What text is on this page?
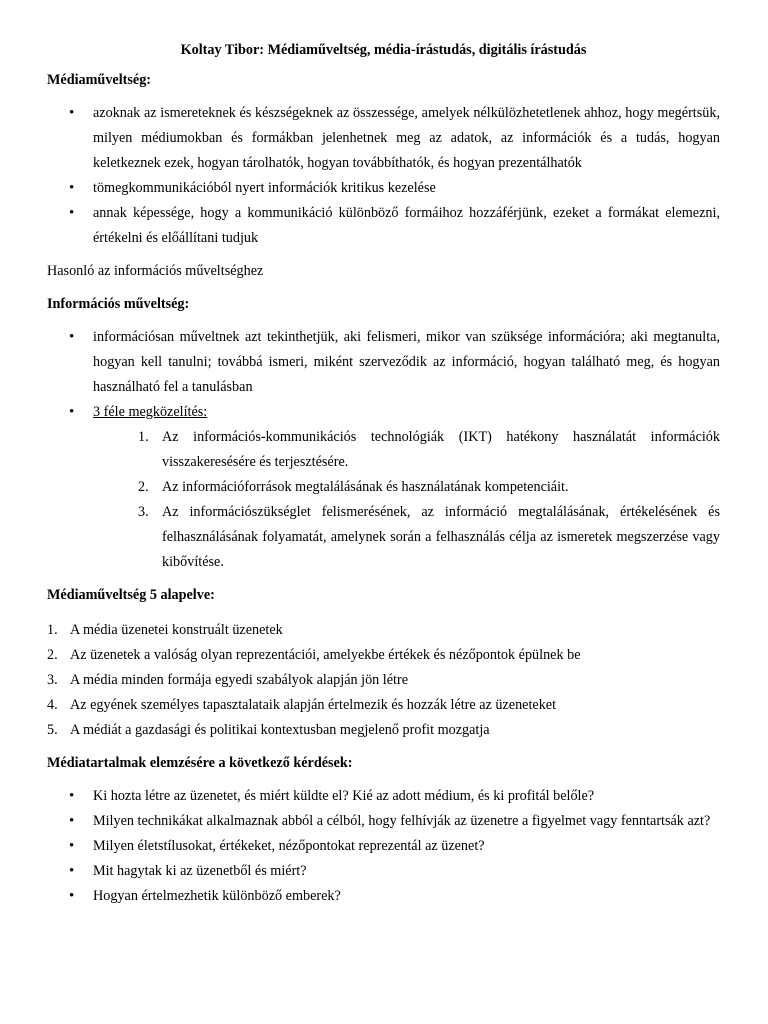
Koltay Tibor: Médiaműveltség, média-írástudás, digitális írástudás
Médiaműveltség:
• azoknak az ismereteknek és készségeknek az összessége, amelyek nélkülözhetetlenek ahhoz, hogy megértsük, milyen médiumokban és formákban jelenhetnek meg az adatok, az információk és a tudás, hogyan keletkeznek ezek, hogyan tárolhatók, hogyan továbbíthatók, és hogyan prezentálhatók
• tömegkommunikációból nyert információk kritikus kezelése
• annak képessége, hogy a kommunikáció különböző formáihoz hozzáférjünk, ezeket a formákat elemezni, értékelni és előállítani tudjuk
Hasonló az információs műveltséghez
Információs műveltség:
• információsan műveltnek azt tekinthetjük, aki felismeri, mikor van szüksége információra; aki megtanulta, hogyan kell tanulni; továbbá ismeri, miként szerveződik az információ, hogyan található meg, és hogyan használható fel a tanulásban
• 3 féle megközelítés:
1. Az információs-kommunikációs technológiák (IKT) hatékony használatát információk visszakeresésére és terjesztésére.
2. Az információforrások megtalálásának és használatának kompetenciáit.
3. Az információszükséglet felismerésének, az információ megtalálásának, értékelésének és felhasználásának folyamatát, amelynek során a felhasználás célja az ismeretek megszerzése vagy kibővítése.
Médiaműveltség 5 alapelve:
1. A média üzenetei konstruált üzenetek
2. Az üzenetek a valóság olyan reprezentációi, amelyekbe értékek és nézőpontok épülnek be
3. A média minden formája egyedi szabályok alapján jön létre
4. Az egyének személyes tapasztalataik alapján értelmezik és hozzák létre az üzeneteket
5. A médiát a gazdasági és politikai kontextusban megjelenő profit mozgatja
Médiatartalmak elemzésére a következő kérdések:
• Ki hozta létre az üzenetet, és miért küldte el? Kié az adott médium, és ki profitál belőle?
• Milyen technikákat alkalmaznak abból a célból, hogy felhívják az üzenetre a figyelmet vagy fenntartsák azt?
• Milyen életstílusokat, értékeket, nézőpontokat reprezentál az üzenet?
• Mit hagytak ki az üzenetből és miért?
• Hogyan értelmezhetik különböző emberek?
